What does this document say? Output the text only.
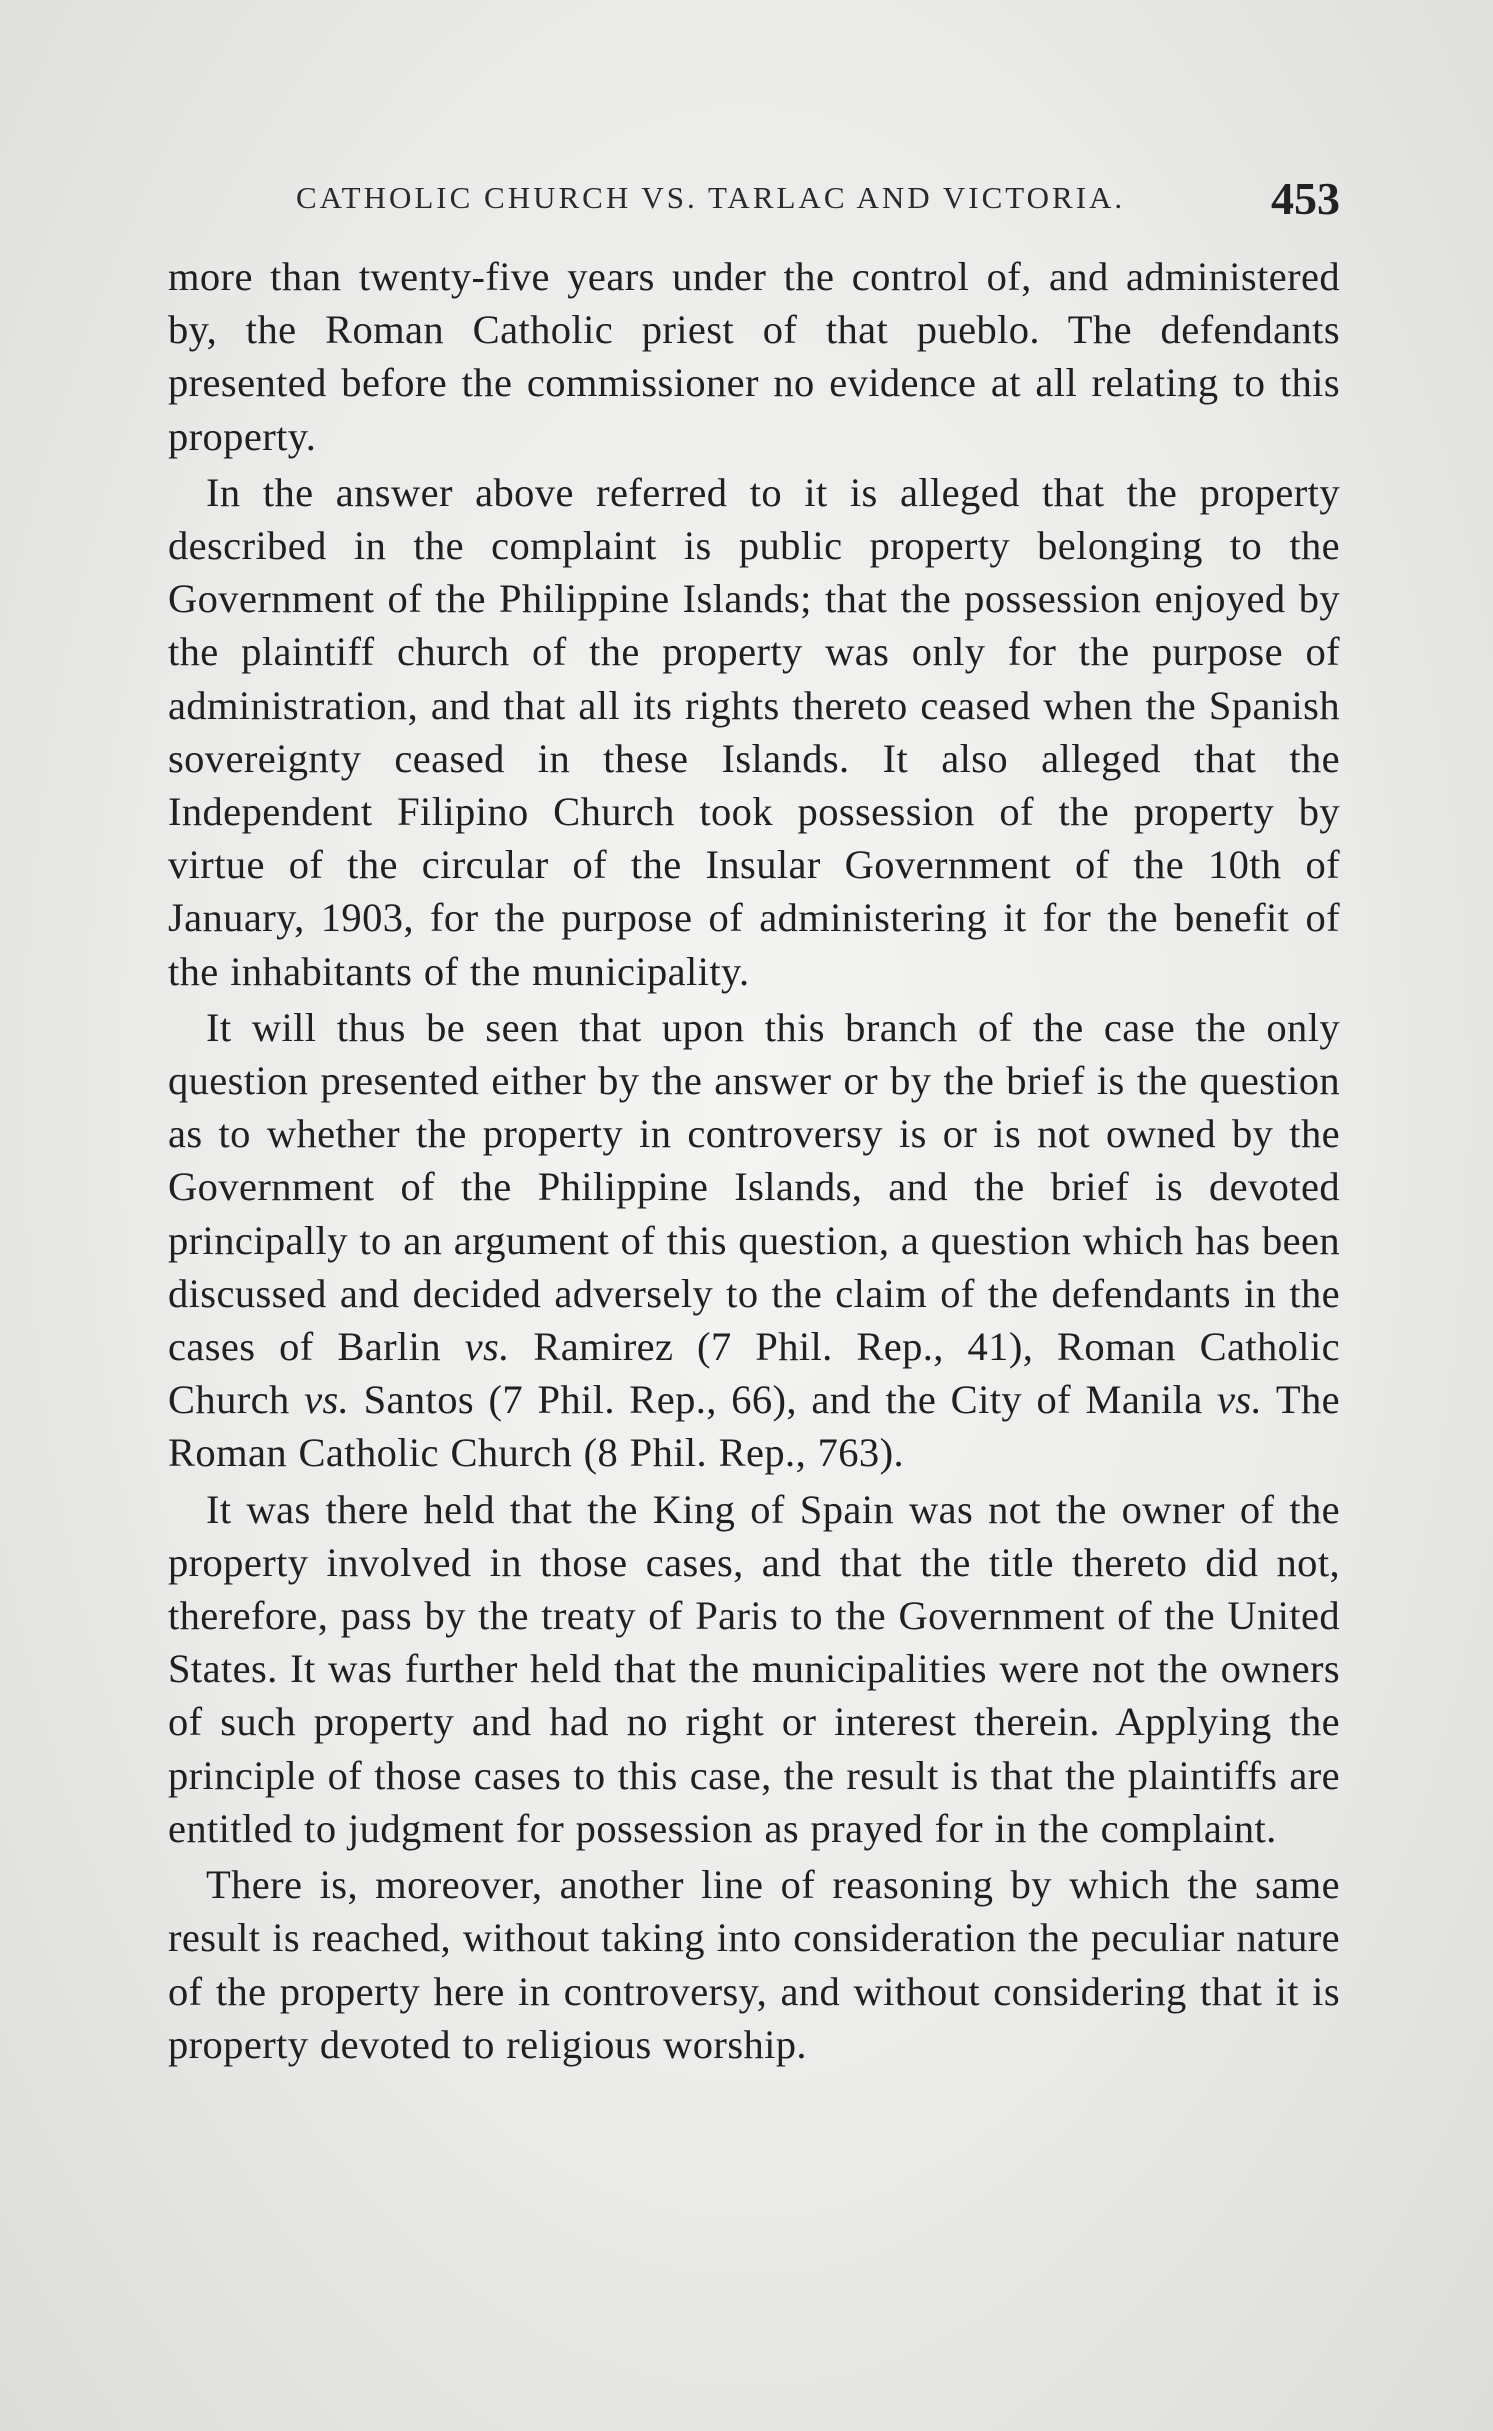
CATHOLIC CHURCH VS. TARLAC AND VICTORIA.	453

more than twenty-five years under the control of, and administered by, the Roman Catholic priest of that pueblo. The defendants presented before the commissioner no evidence at all relating to this property.

In the answer above referred to it is alleged that the property described in the complaint is public property belonging to the Government of the Philippine Islands; that the possession enjoyed by the plaintiff church of the property was only for the purpose of administration, and that all its rights thereto ceased when the Spanish sovereignty ceased in these Islands. It also alleged that the Independent Filipino Church took possession of the property by virtue of the circular of the Insular Government of the 10th of January, 1903, for the purpose of administering it for the benefit of the inhabitants of the municipality.

It will thus be seen that upon this branch of the case the only question presented either by the answer or by the brief is the question as to whether the property in controversy is or is not owned by the Government of the Philippine Islands, and the brief is devoted principally to an argument of this question, a question which has been discussed and decided adversely to the claim of the defendants in the cases of Barlin vs. Ramirez (7 Phil. Rep., 41), Roman Catholic Church vs. Santos (7 Phil. Rep., 66), and the City of Manila vs. The Roman Catholic Church (8 Phil. Rep., 763).

It was there held that the King of Spain was not the owner of the property involved in those cases, and that the title thereto did not, therefore, pass by the treaty of Paris to the Government of the United States. It was further held that the municipalities were not the owners of such property and had no right or interest therein. Applying the principle of those cases to this case, the result is that the plaintiffs are entitled to judgment for possession as prayed for in the complaint.

There is, moreover, another line of reasoning by which the same result is reached, without taking into consideration the peculiar nature of the property here in controversy, and without considering that it is property devoted to religious worship.
